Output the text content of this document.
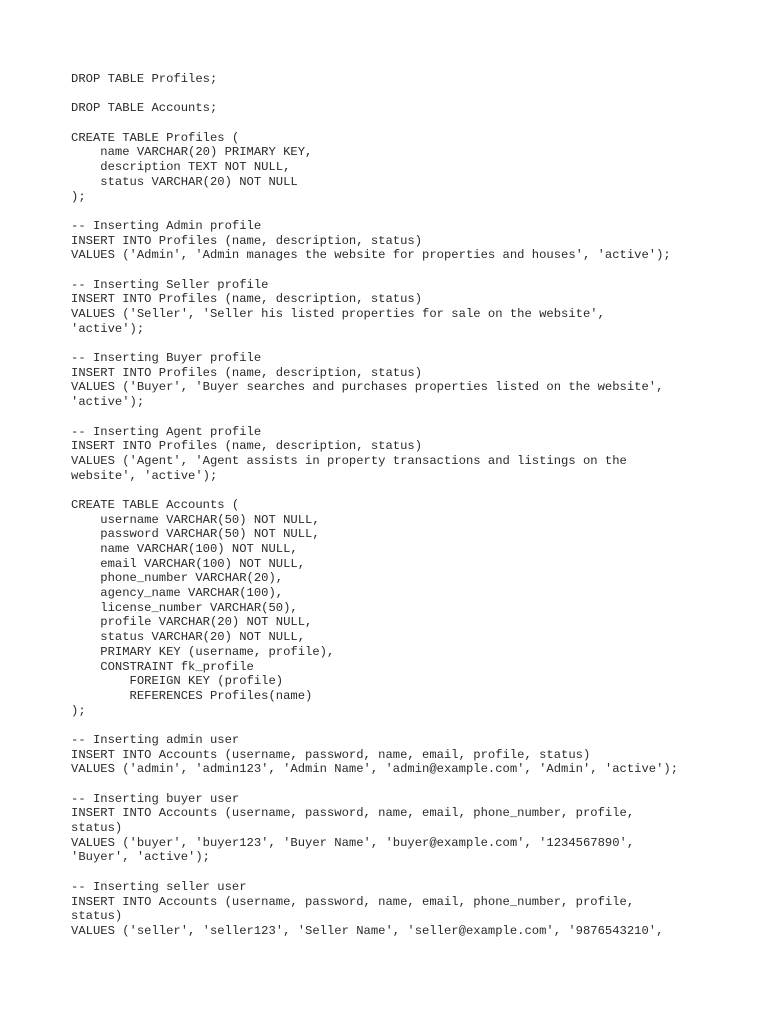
DROP TABLE Profiles;
DROP TABLE Accounts;
CREATE TABLE Profiles (
name VARCHAR(20) PRIMARY KEY,
description TEXT NOT NULL,
status VARCHAR(20) NOT NULL
);
-- Inserting Admin profile
INSERT INTO Profiles (name, description, status)
VALUES ('Admin', 'Admin manages the website for properties and houses', 'active');
-- Inserting Seller profile
INSERT INTO Profiles (name, description, status)
VALUES ('Seller', 'Seller his listed properties for sale on the website',
'active');
-- Inserting Buyer profile
INSERT INTO Profiles (name, description, status)
VALUES ('Buyer', 'Buyer searches and purchases properties listed on the website',
'active');
-- Inserting Agent profile
INSERT INTO Profiles (name, description, status)
VALUES ('Agent', 'Agent assists in property transactions and listings on the
website', 'active');
CREATE TABLE Accounts (
username VARCHAR(50) NOT NULL,
password VARCHAR(50) NOT NULL,
name VARCHAR(100) NOT NULL,
email VARCHAR(100) NOT NULL,
phone_number VARCHAR(20),
agency_name VARCHAR(100),
license_number VARCHAR(50),
profile VARCHAR(20) NOT NULL,
status VARCHAR(20) NOT NULL,
PRIMARY KEY (username, profile),
CONSTRAINT fk_profile
FOREIGN KEY (profile)
REFERENCES Profiles(name)
);
-- Inserting admin user
INSERT INTO Accounts (username, password, name, email, profile, status)
VALUES ('admin', 'admin123', 'Admin Name', 'admin@example.com', 'Admin', 'active');
-- Inserting buyer user
INSERT INTO Accounts (username, password, name, email, phone_number, profile,
status)
VALUES ('buyer', 'buyer123', 'Buyer Name', 'buyer@example.com', '1234567890',
'Buyer', 'active');
-- Inserting seller user
INSERT INTO Accounts (username, password, name, email, phone_number, profile,
status)
VALUES ('seller', 'seller123', 'Seller Name', 'seller@example.com', '9876543210',
